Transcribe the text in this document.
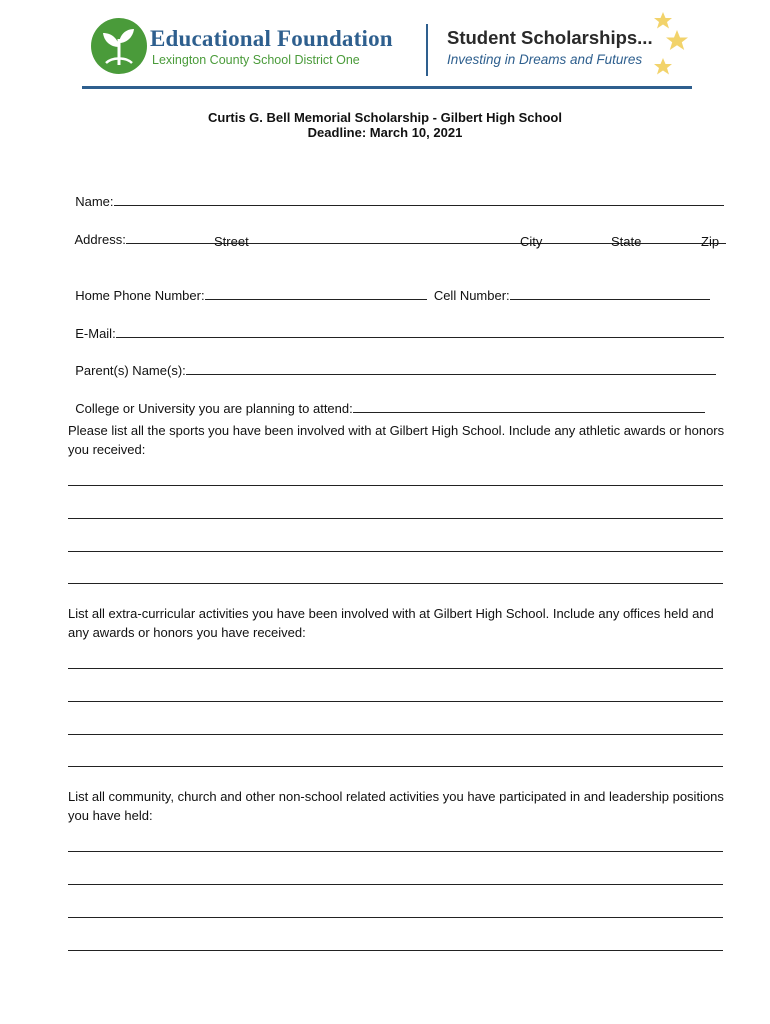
Educational Foundation
Lexington County School District One
Student Scholarships...
Investing in Dreams and Futures
Curtis G. Bell Memorial Scholarship - Gilbert High School
Deadline: March 10, 2021

Name:

Address:	Street	City	State	Zip

Home Phone Number:	Cell Number:

E-Mail:

Parent(s) Name(s):

College or University you are planning to attend:

Please list all the sports you have been involved with at Gilbert High School. Include any athletic awards or honors you received:
List all extra-curricular activities you have been involved with at Gilbert High School. Include any offices held and any awards or honors you have received:
List all community, church and other non-school related activities you have participated in and leadership positions you have held:
